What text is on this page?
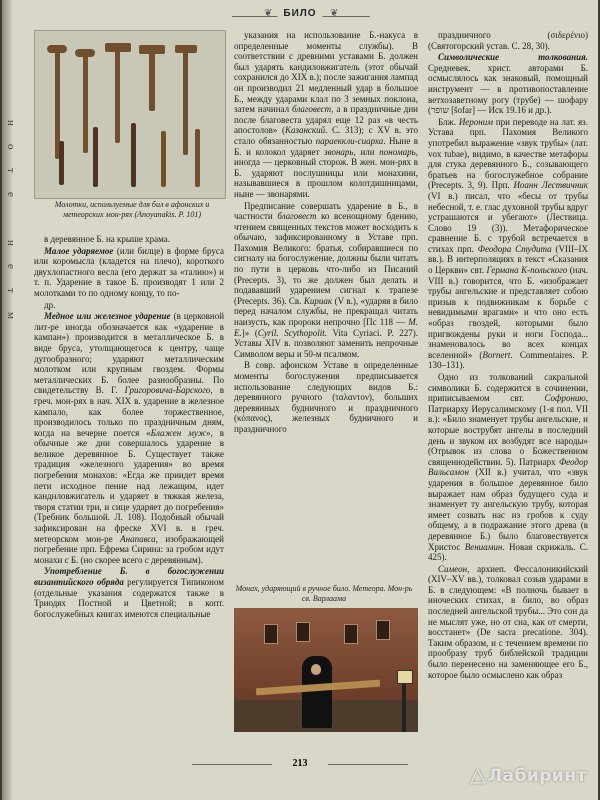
н
о
т
е
н
е
т
м
❦	❦
БИЛО
Молотки, используемые для бил в афонских и метеорских мон-рях (Anoyanakis. P. 101)

в деревянное Б. на крыше храма.

Малое ударяемое (или билце) в форме бруса или коромысла (кладется на плечо), короткого двухлопастного весла (его держат за «талию») и т. п. Ударение в такое Б. производят 1 или 2 молотками то по одному концу, то по-

др.

Медное или железное ударение (в церковной лит-ре иногда обозначается как «ударение в кампан») производится в металлическое Б. в виде бруса, утолщающегося к центру, чаще дугообразного; ударяют металлическим молотком или крупным гвоздем. Формы металлических Б. более разнообразны. По свидетельству В. Г. Григоровича-Барского, в греч. мон-рях в нач. XIX в. ударение в железное кампало, как более торжественное, производилось только по праздничным дням, когда на вечерне поется «Блажен муж», в обычные же дни совершалось ударение в великое деревянное Б. Существует также традиция «железного ударения» во время погребения монахов: «Егда же приидет время пети исходное пение над лежащим, идет канднловжигатель и ударяет в тяжкая железа, творя статии три, и сице ударяет до погребения» (Требник большой. Л. 108). Подобный обычай зафиксирован на фреске XVI в. в греч. метеорском мон-ре Анапавса, изображающей погребение прп. Ефрема Сирина: за гробом идут монахи с Б. (но скорее всего с деревянным).

Употребление Б. в богослужении византийского обряда регулируется Типиконом (отдельные указания содержатся также в Триодях Постной и Цветной; в копт. богослужебных книгах имеются специальные

указания на использование Б.-накуса в определенные моменты службы). В соответствии с древними уставами Б. должен был ударять кандиловжигатель (этот обычай сохранился до XIX в.); после зажигания лампад он производил 21 медленный удар в большое Б., между ударами клал по 3 земных поклона, затем начинал благовест, а в праздничные дни после благовеста ударял еще 12 раз «в честь апостолов» (Казанский. С. 313); с XV в. это стало обязанностью параеккли-сиарха. Ныне в Б. и колокол ударяет звонарь, или пономарь, иногда — церковный сторож. В жен. мон-рях в Б. ударяют послушницы или монахини, называвшиеся в прошлом колотдишницами, ныне — звонарями.

Предписание совершать ударение в Б., в частности благовест ко всенощному бдению, чтением священных текстов может восходить к обычаю, зафиксированному в Уставе прп. Пахомия Великого: братья, собиравшиеся по сигналу на богослужение, должны были читать по пути в церковь что-либо из Писаний (Precepts. 3), то же должен был делать и подававший ударением сигнал к трапезе (Precepts. 36). Св. Кириак (V в.), «ударяя в било перед началом службы, не прекращал читать наизусть, как пророки непрочно [Пс 118 — M. E.]» (Cyril. Scythopolit. Vita Cyriaci. P. 227). Уставы XIV в. позволяют заменить непрочные Символом веры и 50-м псалмом.

В совр. афонском Уставе в определенные моменты богослужения предписывается использование следующих видов Б.: деревянного ручного (ταλαντον), больших деревянных будничного и праздничного (κόπανος), железных будничного и праздничного

праздничного (σιδερένιο) (Святогорский устав. С. 28, 30).

Символические толкования. Средневек. христ. авторами Б. осмыслялось как знаковый, помощный инструмент — в противопоставление ветхозаветному рогу (трубе) — шофару (שופר [šofar] — Иск 19.16 и др.).

Блж. Иероним при переводе на лат. яз. Устава прп. Пахомия Великого употребил выражение «звук трубы» (лат. vox tubae), видимо, в качестве метафоры для стука деревянного Б., созывающего братьев на богослужебное собрание (Precepts. 3, 9). Прп. Иоанн Лествичник (VI в.) писал, что «бесы от трубы небесной, т. е. глас духовной трубы вдруг устрашаются и убегают» (Лествица. Слово 19 (3)). Метафорическое сравнение Б. с трубой встречается в стихах прп. Феодора Студита (VIII–IX вв.). В интерполяциях в текст «Сказания о Церкви» свт. Германа К-польского (нач. VIII в.) говорится, что Б. «изображает трубы ангельские и представляет собою призыв к подвижникам к борьбе с невидимыми врагами» и что оно есть «образ гвоздей, которыми было пригвождены руки и ноги Господа... знаменовалось во всех концах вселенной» (Bornert. Commentaires. P. 130–131).

Одно из толкований сакральной символики Б. содержится в сочинении, приписываемом свт. Софронию, Патриарху Иерусалимскому (1-я пол. VII в.): «Било знаменует трубы ангельские, и которые вострубят ангелы в последний день и звуком их возбудят все народы» (Отрывок из слова о Божественном священнодействии. 5). Патриарх Феодор Вальсамон (XII в.) учитал, что «звук ударения в большое деревянное било выражает нам образ будущего суда и знаменует ту ангельскую трубу, которая имеет созвать нас из гробов к суду общему, а в подражание этого древа (в деревянное Б.) было благовествуется Христос Вениамин. Новая скрижаль. С. 425).

Симеон, архиеп. Фессалоникийский (XIV–XV вв.), толковал созыв ударами в Б. в следующем: «В полночь бывает в иноческих стихах, в било, во образ последней ангельской трубы... Это сон да не мыслят уже, но от сна, как от смерти, восстанет» (De sacra precatione. 304). Таким образом, и с течением времени по прообразу труб библейской традиции было перенесено на заменяющее его Б., которое было осмыслено как образ

Монах, ударяющий в ручное било. Метеора. Мон-рь св. Варлаама
213	△ Лабиринт
